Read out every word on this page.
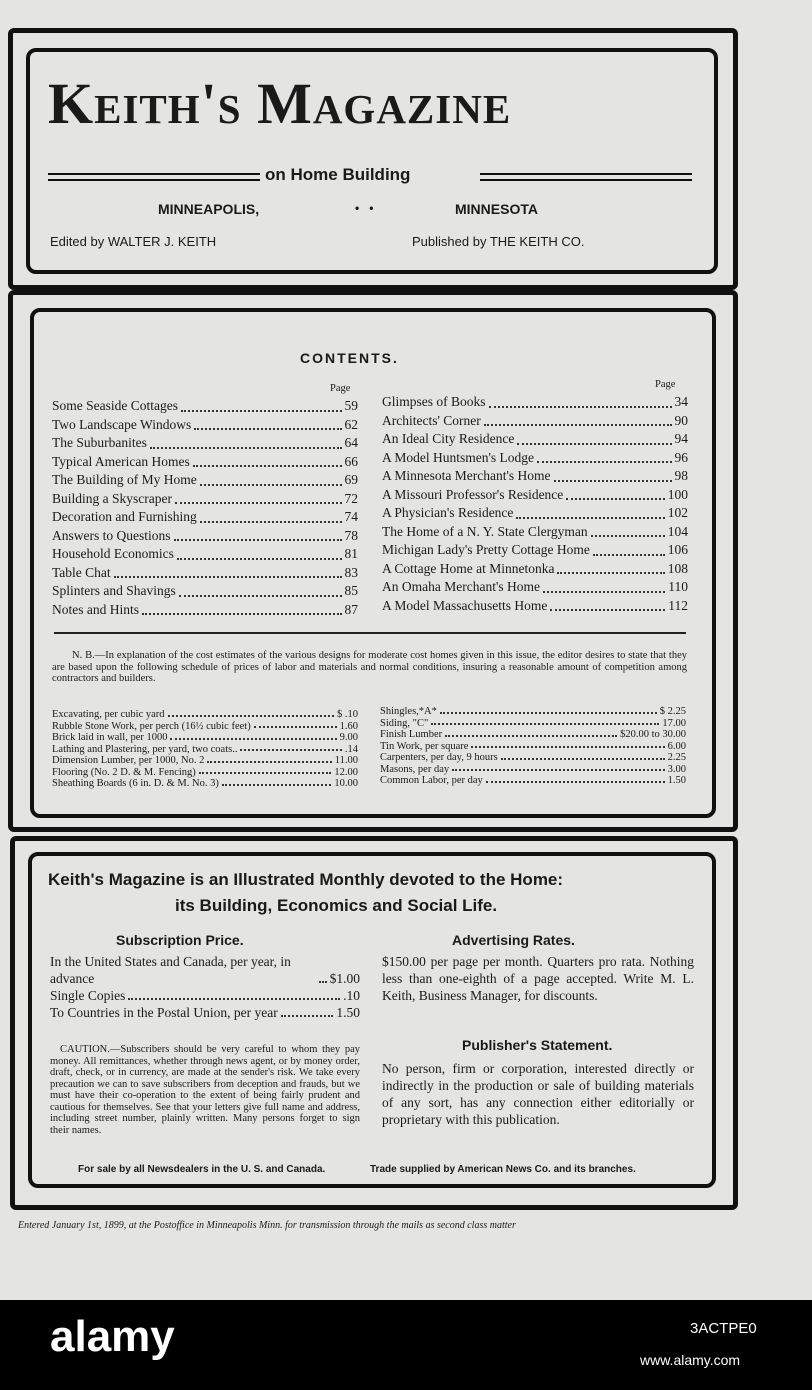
Keith's Magazine
on Home Building
MINNEAPOLIS,	•   •	MINNESOTA
Edited by WALTER J. KEITH	Published by THE KEITH CO.
CONTENTS.
Page	Page
Some Seaside Cottages	59
Two Landscape Windows	62
The Suburbanites	64
Typical American Homes	66
The Building of My Home	69
Building a Skyscraper	72
Decoration and Furnishing	74
Answers to Questions	78
Household Economics	81
Table Chat	83
Splinters and Shavings	85
Notes and Hints	87
Glimpses of Books	34
Architects' Corner	90
An Ideal City Residence	94
A Model Huntsmen's Lodge	96
A Minnesota Merchant's Home	98
A Missouri Professor's Residence	100
A Physician's Residence	102
The Home of a N. Y. State Clergyman	104
Michigan Lady's Pretty Cottage Home	106
A Cottage Home at Minnetonka	108
An Omaha Merchant's Home	110
A Model Massachusetts Home	112
N. B.—In explanation of the cost estimates of the various designs for moderate cost homes given in this issue, the editor desires to state that they are based upon the following schedule of prices of labor and materials and normal conditions, insuring a reasonable amount of competition among contractors and builders.
Excavating, per cubic yard	$ .10
Rubble Stone Work, per perch (16½ cubic feet)	1.60
Brick laid in wall, per 1000	9.00
Lathing and Plastering, per yard, two coats..	.14
Dimension Lumber, per 1000, No. 2	11.00
Flooring (No. 2 D. & M. Fencing)	12.00
Sheathing Boards (6 in. D. & M. No. 3)	10.00
Shingles,*A*	$ 2.25
Siding, "C"	17.00
Finish Lumber	$20.00 to 30.00
Tin Work, per square	6.00
Carpenters, per day, 9 hours	2.25
Masons, per day	3.00
Common Labor, per day	1.50
Keith's Magazine is an Illustrated Monthly devoted to the Home:
its Building, Economics and Social Life.
Subscription Price.
In the United States and Canada, per year, in advance	$1.00
Single Copies	.10
To Countries in the Postal Union, per year	1.50
CAUTION.—Subscribers should be very careful to whom they pay money. All remittances, whether through news agent, or by money order, draft, check, or in currency, are made at the sender's risk. We take every precaution we can to save subscribers from deception and frauds, but we must have their co-operation to the extent of being fairly prudent and cautious for themselves. See that your letters give full name and address, including street number, plainly written. Many persons forget to sign their names.
Advertising Rates.
$150.00 per page per month. Quarters pro rata. Nothing less than one-eighth of a page accepted. Write M. L. Keith, Business Manager, for discounts.
Publisher's Statement.
No person, firm or corporation, interested directly or indirectly in the production or sale of building materials of any sort, has any connection either editorially or proprietary with this publication.
For sale by all Newsdealers in the U. S. and Canada.	Trade supplied by American News Co. and its branches.
Entered January 1st, 1899, at the Postoffice in Minneapolis Minn. for transmission through the mails as second class matter
alamy	3ACTPE0
www.alamy.com
